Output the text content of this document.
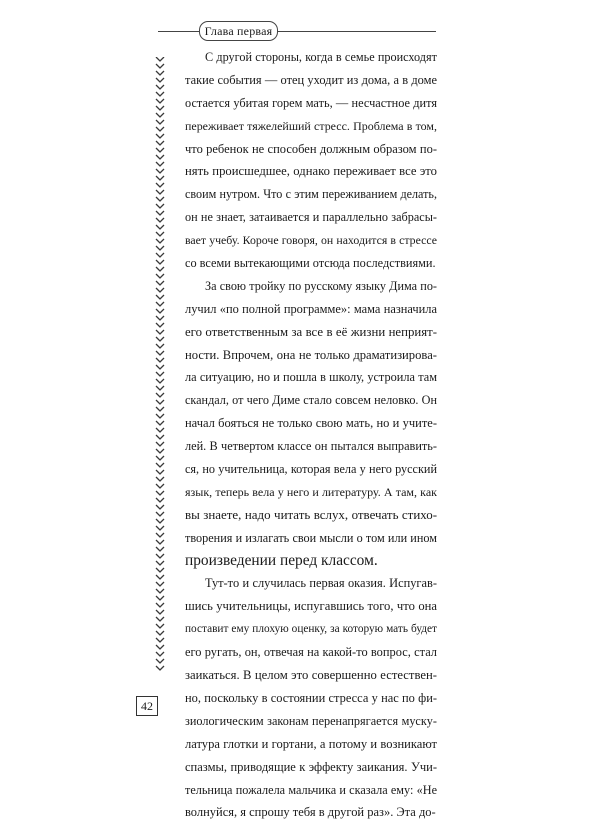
Глава первая
С другой стороны, когда в семье происходят
такие события — отец уходит из дома, а в доме
остается убитая горем мать, — несчастное дитя
переживает тяжелейший стресс. Проблема в том,
что ребенок не способен должным образом по-
нять происшедшее, однако переживает все это
своим нутром. Что с этим переживанием делать,
он не знает, затаивается и параллельно забрасы-
вает учебу. Короче говоря, он находится в стрессе
со всеми вытекающими отсюда последствиями.
За свою тройку по русскому языку Дима по-
лучил «по полной программе»: мама назначила
его ответственным за все в её жизни неприят-
ности. Впрочем, она не только драматизирова-
ла ситуацию, но и пошла в школу, устроила там
скандал, от чего Диме стало совсем неловко. Он
начал бояться не только свою мать, но и учите-
лей. В четвертом классе он пытался выправить-
ся, но учительница, которая вела у него русский
язык, теперь вела у него и литературу. А там, как
вы знаете, надо читать вслух, отвечать стихо-
творения и излагать свои мысли о том или ином
произведении перед классом.
Тут-то и случилась первая оказия. Испугав-
шись учительницы, испугавшись того, что она
поставит ему плохую оценку, за которую мать будет
его ругать, он, отвечая на какой-то вопрос, стал
заикаться. В целом это совершенно естествен-
но, поскольку в состоянии стресса у нас по фи-
зиологическим законам перенапрягается мускy-
латура глотки и гортани, а потому и возникают
спазмы, приводящие к эффекту заикания. Учи-
тельница пожалела мальчика и сказала ему: «Не
волнуйся, я спрошу тебя в другой раз». Эта до-
42
